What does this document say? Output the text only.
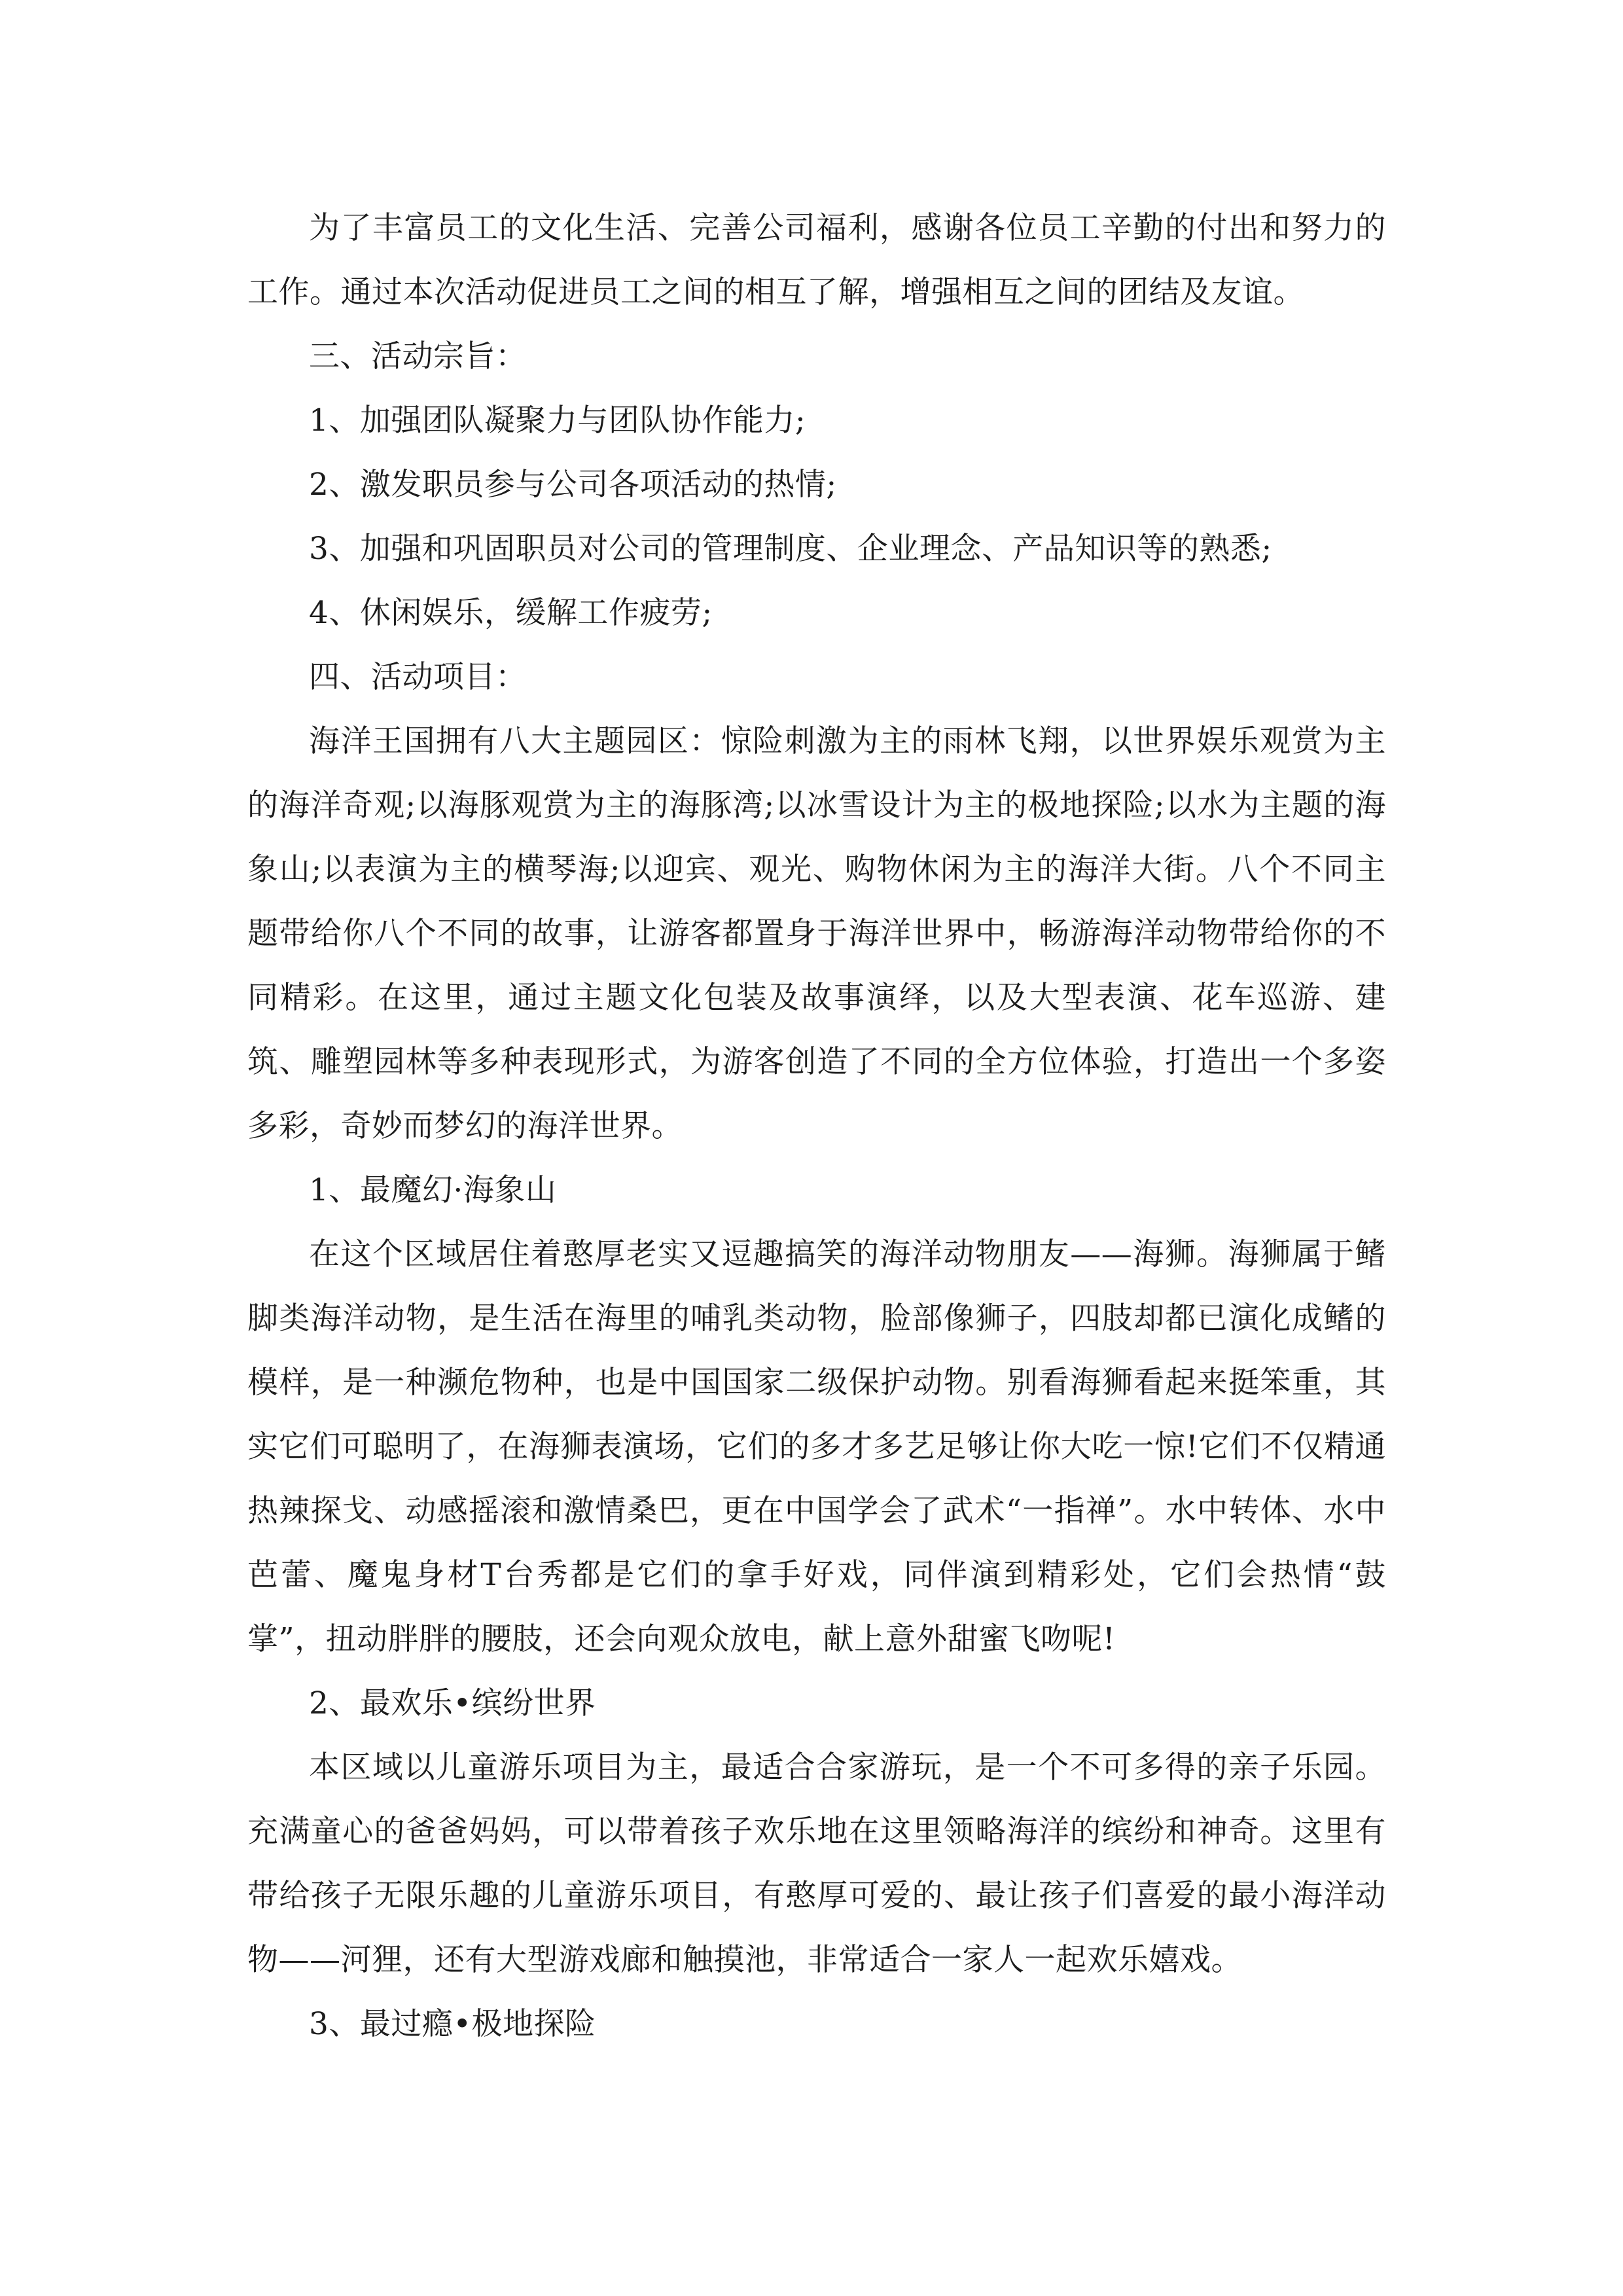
为了丰富员工的文化生活、完善公司福利，感谢各位员工辛勤的付出和努力的工作。通过本次活动促进员工之间的相互了解，增强相互之间的团结及友谊。

三、活动宗旨：

1、加强团队凝聚力与团队协作能力;

2、激发职员参与公司各项活动的热情;

3、加强和巩固职员对公司的管理制度、企业理念、产品知识等的熟悉;

4、休闲娱乐，缓解工作疲劳;

四、活动项目：

海洋王国拥有八大主题园区：惊险刺激为主的雨林飞翔，以世界娱乐观赏为主的海洋奇观;以海豚观赏为主的海豚湾;以冰雪设计为主的极地探险;以水为主题的海象山;以表演为主的横琴海;以迎宾、观光、购物休闲为主的海洋大街。八个不同主题带给你八个不同的故事，让游客都置身于海洋世界中，畅游海洋动物带给你的不同精彩。在这里，通过主题文化包装及故事演绎，以及大型表演、花车巡游、建筑、雕塑园林等多种表现形式，为游客创造了不同的全方位体验，打造出一个多姿多彩，奇妙而梦幻的海洋世界。

1、最魔幻·海象山

在这个区域居住着憨厚老实又逗趣搞笑的海洋动物朋友——海狮。海狮属于鳍脚类海洋动物，是生活在海里的哺乳类动物，脸部像狮子，四肢却都已演化成鳍的模样，是一种濒危物种，也是中国国家二级保护动物。别看海狮看起来挺笨重，其实它们可聪明了，在海狮表演场，它们的多才多艺足够让你大吃一惊!它们不仅精通热辣探戈、动感摇滚和激情桑巴，更在中国学会了武术“一指禅”。水中转体、水中芭蕾、魔鬼身材T台秀都是它们的拿手好戏，同伴演到精彩处，它们会热情“鼓掌”，扭动胖胖的腰肢，还会向观众放电，献上意外甜蜜飞吻呢!

2、最欢乐•缤纷世界

本区域以儿童游乐项目为主，最适合合家游玩，是一个不可多得的亲子乐园。充满童心的爸爸妈妈，可以带着孩子欢乐地在这里领略海洋的缤纷和神奇。这里有带给孩子无限乐趣的儿童游乐项目，有憨厚可爱的、最让孩子们喜爱的最小海洋动物——河狸，还有大型游戏廊和触摸池，非常适合一家人一起欢乐嬉戏。

3、最过瘾•极地探险
